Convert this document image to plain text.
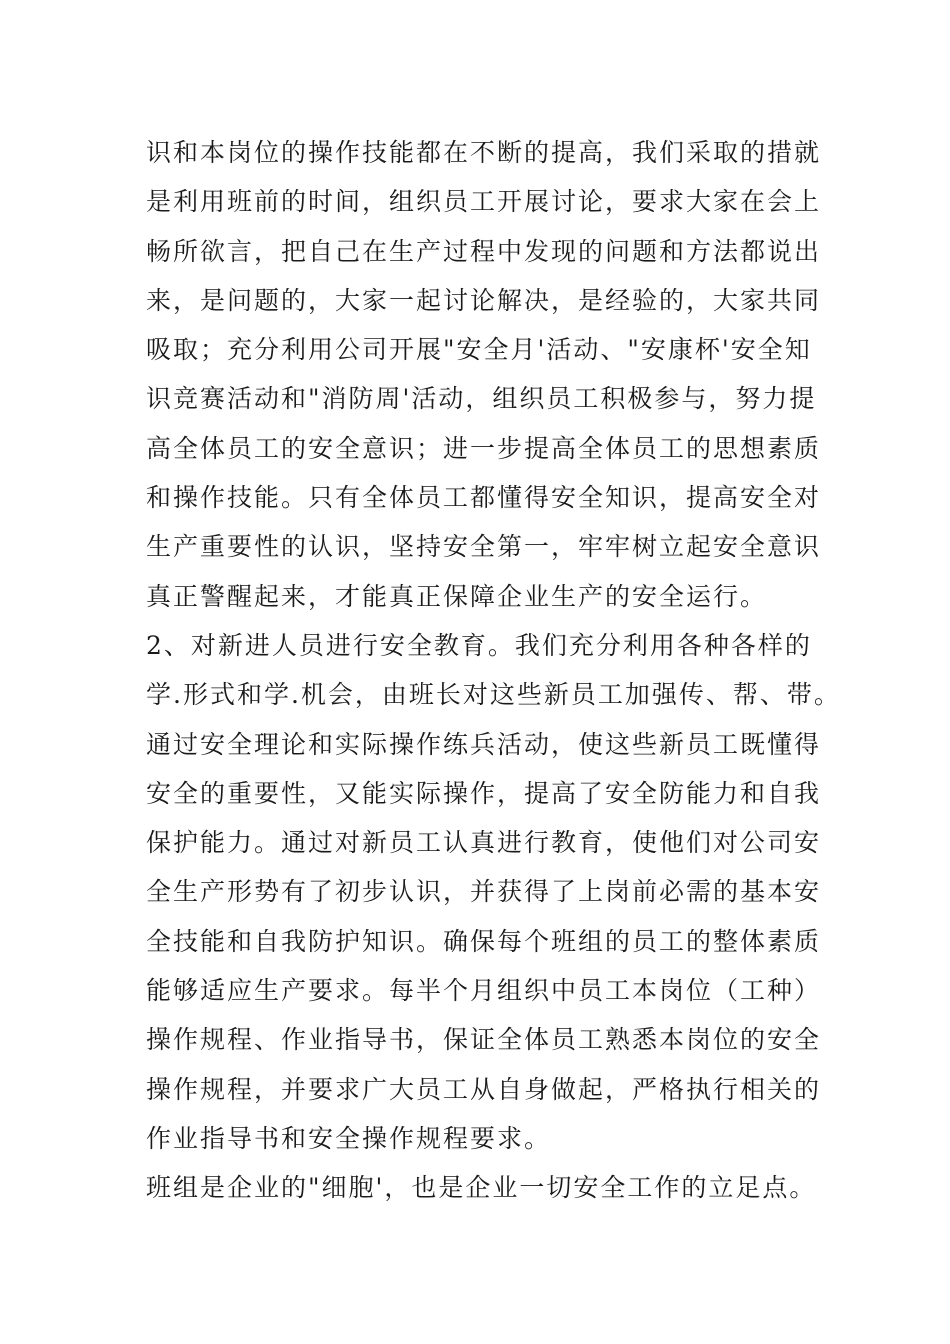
识和本岗位的操作技能都在不断的提高，我们采取的措就
是利用班前的时间，组织员工开展讨论，要求大家在会上
畅所欲言，把自己在生产过程中发现的问题和方法都说出
来，是问题的，大家一起讨论解决，是经验的，大家共同
吸取；充分利用公司开展"安全月'活动、"安康杯'安全知
识竞赛活动和"消防周'活动，组织员工积极参与，努力提
高全体员工的安全意识；进一步提高全体员工的思想素质
和操作技能。只有全体员工都懂得安全知识，提高安全对
生产重要性的认识，坚持安全第一，牢牢树立起安全意识
真正警醒起来，才能真正保障企业生产的安全运行。
2、对新进人员进行安全教育。我们充分利用各种各样的
学.形式和学.机会，由班长对这些新员工加强传、帮、带。
通过安全理论和实际操作练兵活动，使这些新员工既懂得
安全的重要性，又能实际操作，提高了安全防能力和自我
保护能力。通过对新员工认真进行教育，使他们对公司安
全生产形势有了初步认识，并获得了上岗前必需的基本安
全技能和自我防护知识。确保每个班组的员工的整体素质
能够适应生产要求。每半个月组织中员工本岗位（工种）
操作规程、作业指导书，保证全体员工熟悉本岗位的安全
操作规程，并要求广大员工从自身做起，严格执行相关的
作业指导书和安全操作规程要求。
班组是企业的"细胞'，也是企业一切安全工作的立足点。
